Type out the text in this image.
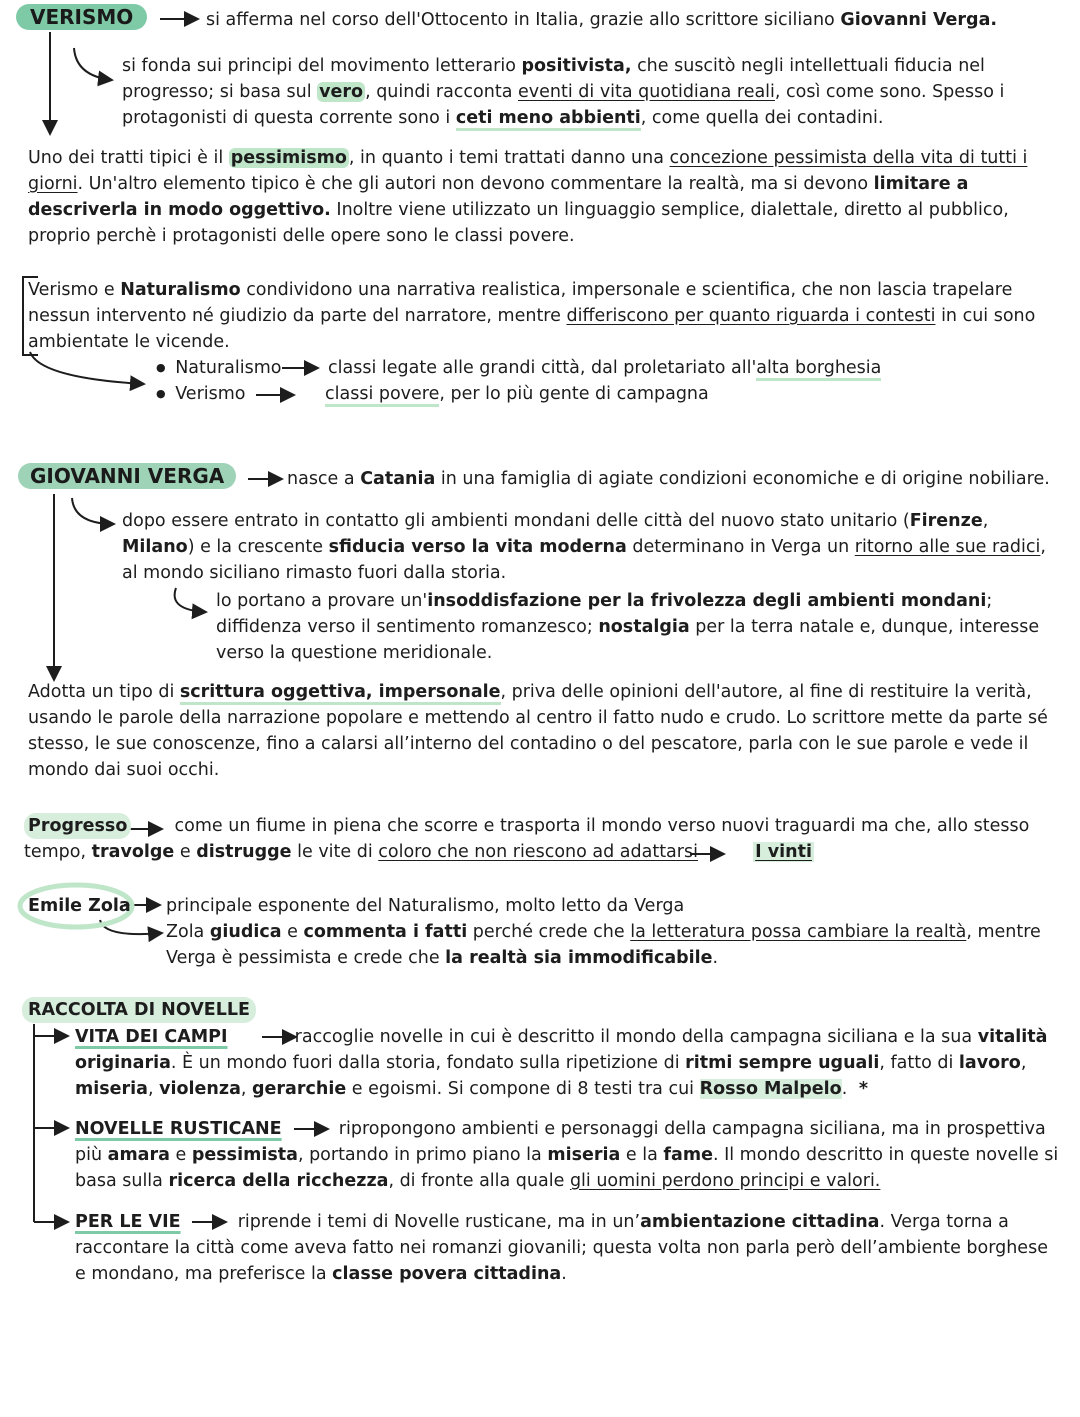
VERISMO	si afferma nel corso dell'Ottocento in Italia, grazie allo scrittore siciliano Giovanni Verga.
si fonda sui principi del movimento letterario positivista, che suscitò negli intellettuali fiducia nel progresso; si basa sul vero , quindi racconta eventi di vita quotidiana reali, così come sono. Spesso i protagonisti di questa corrente sono i ceti meno abbienti, come quella dei contadini.
Uno dei tratti tipici è il pessimismo , in quanto i temi trattati danno una concezione pessimista della vita di tutti i giorni. Un'altro elemento tipico è che gli autori non devono commentare la realtà, ma si devono limitare a descriverla in modo oggettivo. Inoltre viene utilizzato un linguaggio semplice, dialettale, diretto al pubblico, proprio perchè i protagonisti delle opere sono le classi povere.
Verismo e Naturalismo condividono una narrativa realistica, impersonale e scientifica, che non lascia trapelare nessun intervento né giudizio da parte del narratore, mentre differiscono per quanto riguarda i contesti in cui sono ambientate le vicende.
● Naturalismo	classi legate alle grandi città, dal proletariato all'alta borghesia
● Verismo	classi povere, per lo più gente di campagna
GIOVANNI VERGA	nasce a Catania in una famiglia di agiate condizioni economiche e di origine nobiliare.
dopo essere entrato in contatto gli ambienti mondani delle città del nuovo stato unitario (Firenze, Milano) e la crescente sfiducia verso la vita moderna determinano in Verga un ritorno alle sue radici, al mondo siciliano rimasto fuori dalla storia.
lo portano a provare un'insoddisfazione per la frivolezza degli ambienti mondani; diffidenza verso il sentimento romanzesco; nostalgia per la terra natale e, dunque, interesse verso la questione meridionale.
Adotta un tipo di scrittura oggettiva, impersonale, priva delle opinioni dell'autore, al fine di restituire la verità, usando le parole della narrazione popolare e mettendo al centro il fatto nudo e crudo. Lo scrittore mette da parte sé stesso, le sue conoscenze, fino a calarsi all’interno del contadino o del pescatore, parla con le sue parole e vede il mondo dai suoi occhi.
Progresso	come un fiume in piena che scorre e trasporta il mondo verso nuovi traguardi ma che, allo stesso tempo, travolge e distrugge le vite di coloro che non riescono ad adattarsi	I vinti
Emile Zola principale esponente del Naturalismo, molto letto da Verga
Zola giudica e commenta i fatti perché crede che la letteratura possa cambiare la realtà, mentre Verga è pessimista e crede che la realtà sia immodificabile.
RACCOLTA DI NOVELLE
VITA DEI CAMPI	raccoglie novelle in cui è descritto il mondo della campagna siciliana e la sua vitalità originaria. È un mondo fuori dalla storia, fondato sulla ripetizione di ritmi sempre uguali, fatto di lavoro, miseria, violenza, gerarchie e egoismi. Si compone di 8 testi tra cui Rosso Malpelo. *
NOVELLE RUSTICANE	ripropongono ambienti e personaggi della campagna siciliana, ma in prospettiva più amara e pessimista, portando in primo piano la miseria e la fame. Il mondo descritto in queste novelle si basa sulla ricerca della ricchezza, di fronte alla quale gli uomini perdono principi e valori.
PER LE VIE	riprende i temi di Novelle rusticane, ma in un’ambientazione cittadina. Verga torna a raccontare la città come aveva fatto nei romanzi giovanili; questa volta non parla però dell’ambiente borghese e mondano, ma preferisce la classe povera cittadina.
